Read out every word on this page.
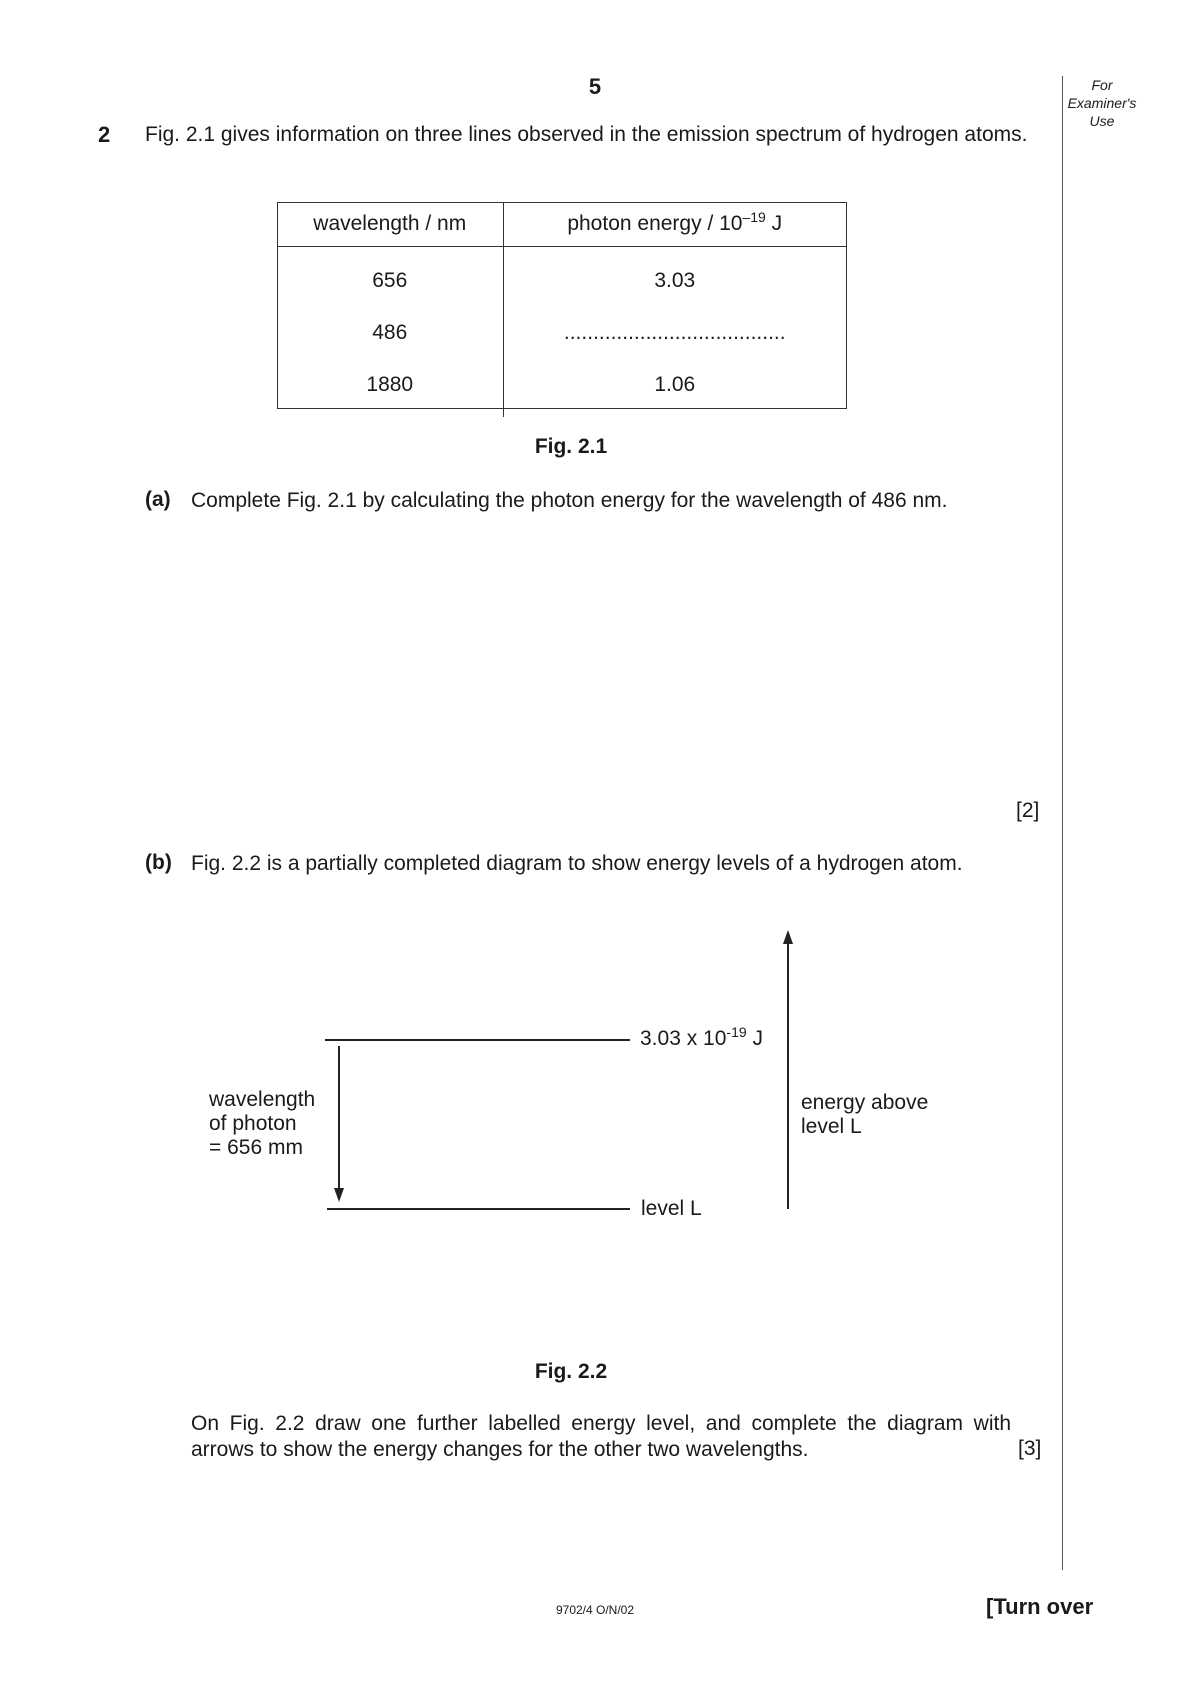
5	For
Examiner's
Use
2 Fig. 2.1 gives information on three lines observed in the emission spectrum of hydrogen atoms.
wavelength / nm	photon energy / $10^{-19}$ J
656	3.03
486	......................................
1880	1.06
Fig. 2.1
(a) Complete Fig. 2.1 by calculating the photon energy for the wavelength of 486 nm.
[2]
(b) Fig. 2.2 is a partially completed diagram to show energy levels of a hydrogen atom.
3.03 x $10^{-19}$ J
level L
wavelength
of photon
= 656 mm
energy above
level L
Fig. 2.2
On Fig. 2.2 draw one further labelled energy level, and complete the diagram with arrows to show the energy changes for the other two wavelengths.	[3]
9702/4 O/N/02	[Turn over
